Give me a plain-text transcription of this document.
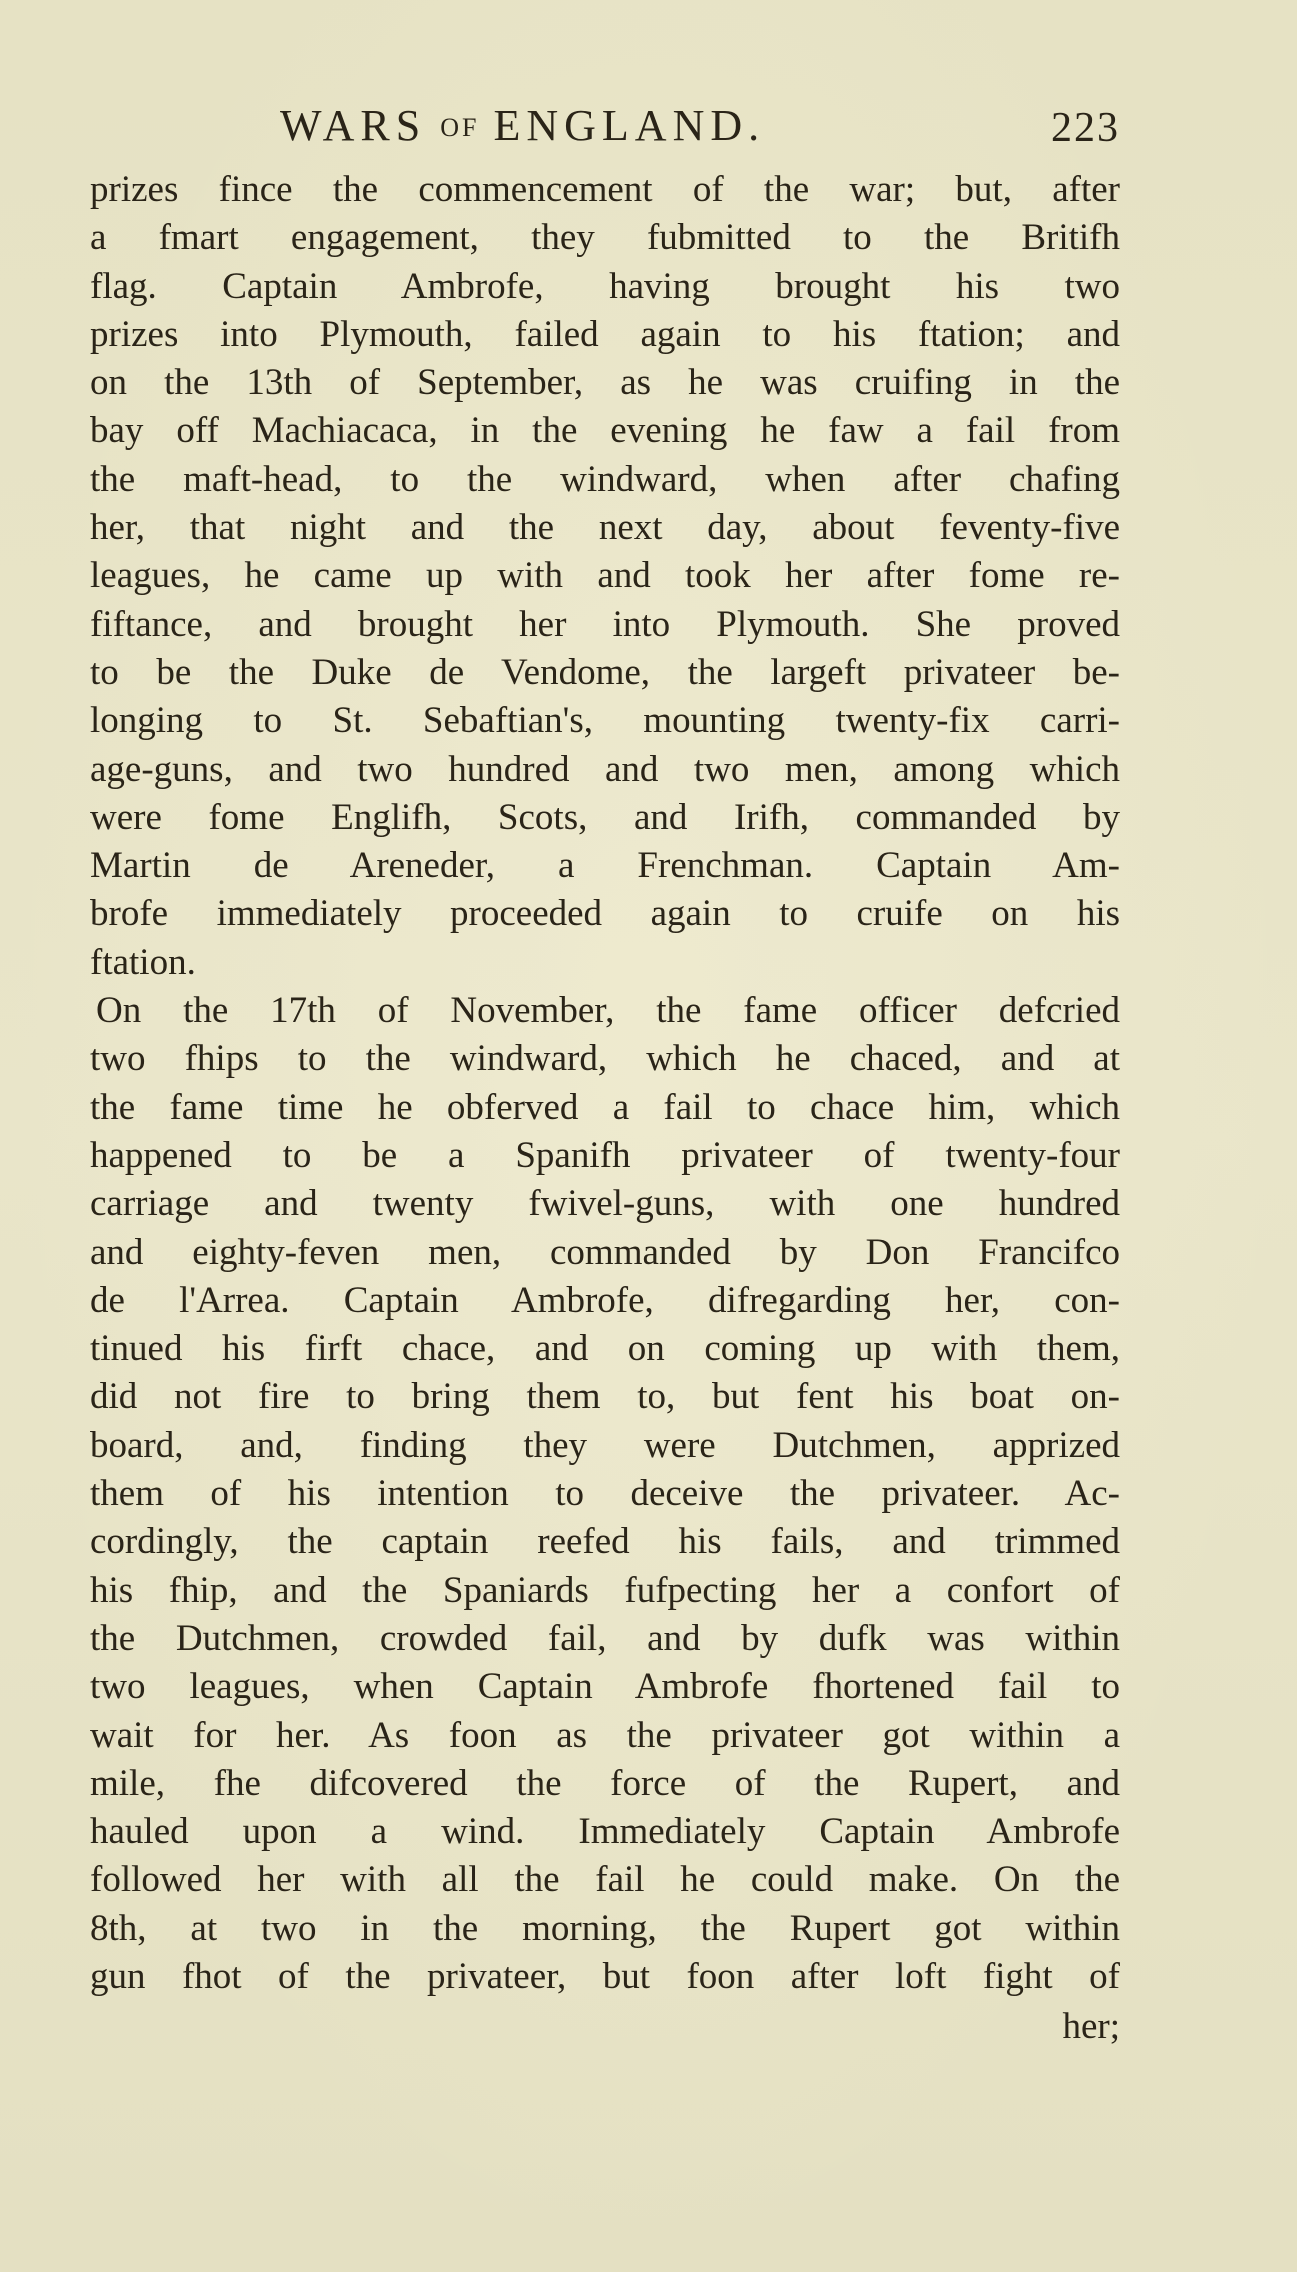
WARS OF ENGLAND.	223
prizes fince the commencement of the war; but, after
a fmart engagement, they fubmitted to the Britifh
flag. Captain Ambrofe, having brought his two
prizes into Plymouth, failed again to his ftation; and
on the 13th of September, as he was cruifing in the
bay off Machiacaca, in the evening he faw a fail from
the maft-head, to the windward, when after chafing
her, that night and the next day, about feventy-five
leagues, he came up with and took her after fome re-
fiftance, and brought her into Plymouth. She proved
to be the Duke de Vendome, the largeft privateer be-
longing to St. Sebaftian's, mounting twenty-fix carri-
age-guns, and two hundred and two men, among which
were fome Englifh, Scots, and Irifh, commanded by
Martin de Areneder, a Frenchman. Captain Am-
brofe immediately proceeded again to cruife on his
ftation.
On the 17th of November, the fame officer defcried
two fhips to the windward, which he chaced, and at
the fame time he obferved a fail to chace him, which
happened to be a Spanifh privateer of twenty-four
carriage and twenty fwivel-guns, with one hundred
and eighty-feven men, commanded by Don Francifco
de l'Arrea. Captain Ambrofe, difregarding her, con-
tinued his firft chace, and on coming up with them,
did not fire to bring them to, but fent his boat on-
board, and, finding they were Dutchmen, apprized
them of his intention to deceive the privateer. Ac-
cordingly, the captain reefed his fails, and trimmed
his fhip, and the Spaniards fufpecting her a confort of
the Dutchmen, crowded fail, and by dufk was within
two leagues, when Captain Ambrofe fhortened fail to
wait for her. As foon as the privateer got within a
mile, fhe difcovered the force of the Rupert, and
hauled upon a wind. Immediately Captain Ambrofe
followed her with all the fail he could make. On the
8th, at two in the morning, the Rupert got within
gun fhot of the privateer, but foon after loft fight of
her;
